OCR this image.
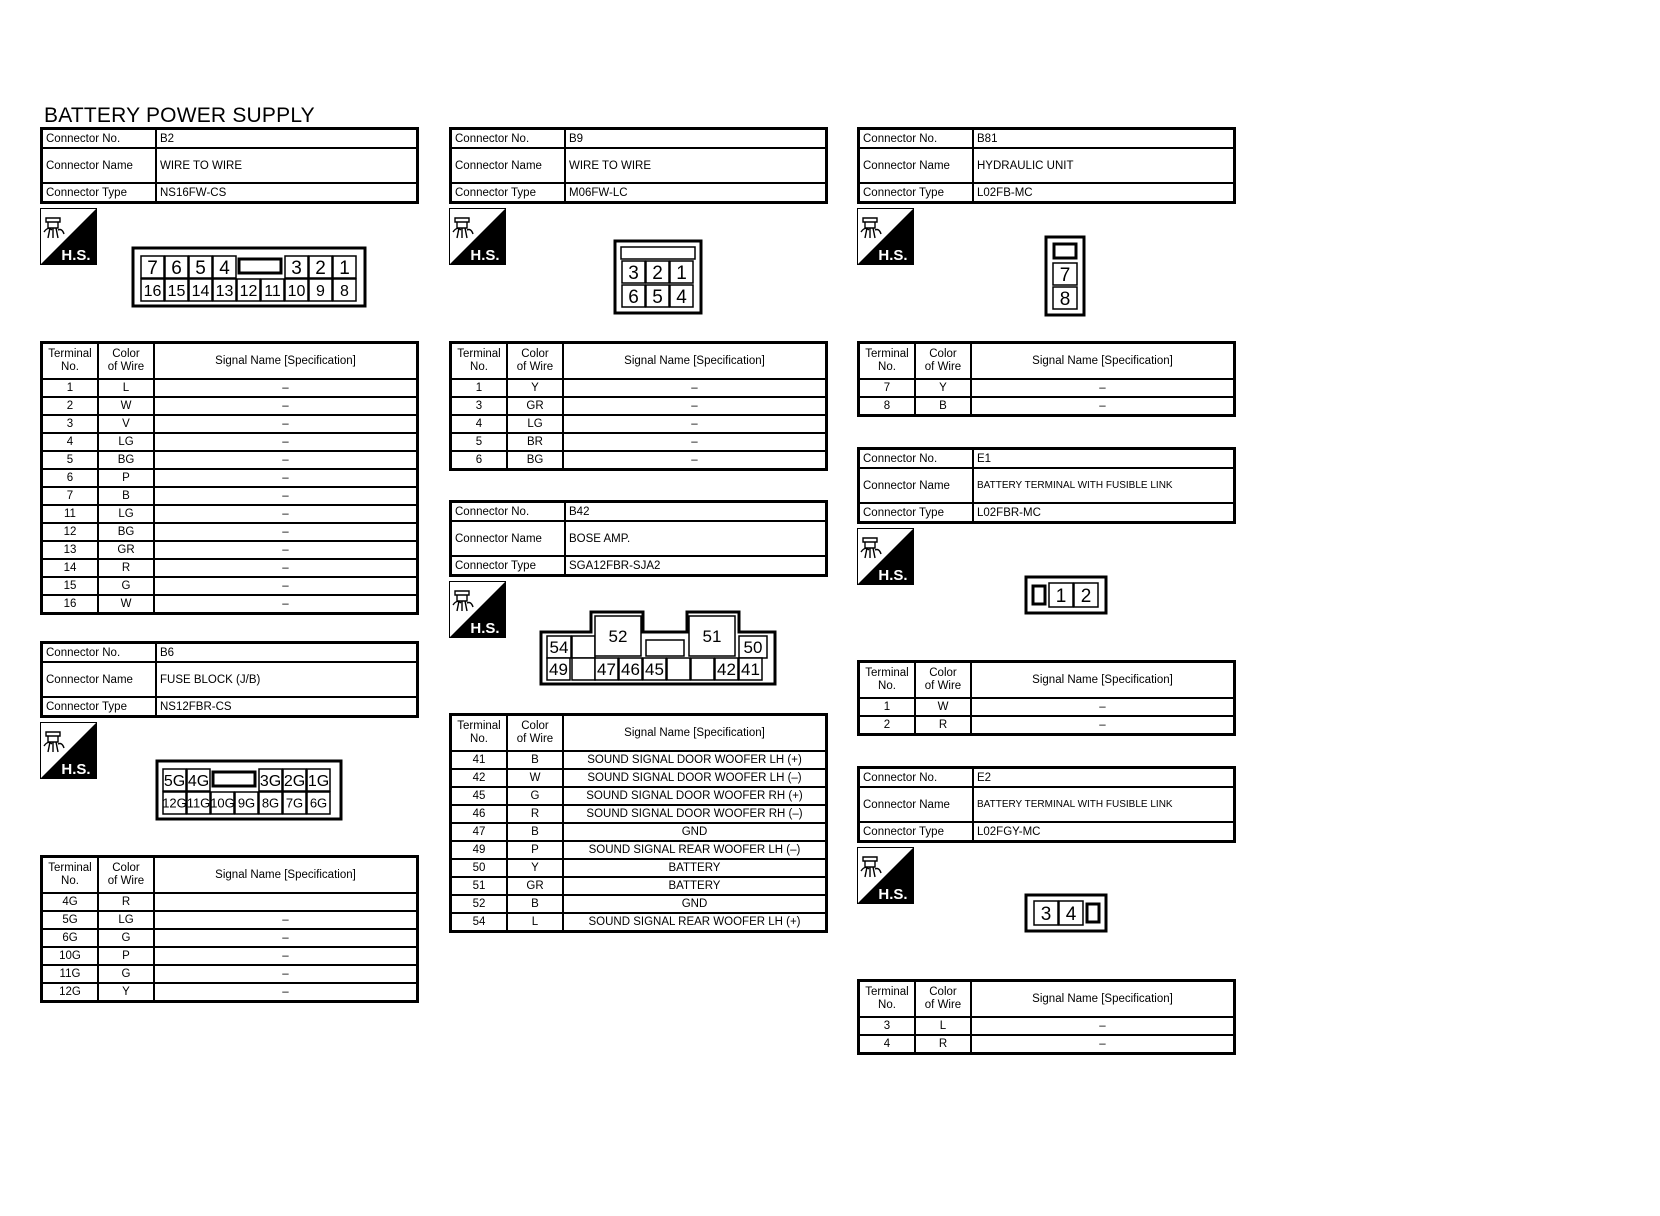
BATTERY POWER SUPPLY
Connector No.	B2
Connector Name	WIRE TO WIRE
Connector Type	NS16FW-CS
H.S.
7 6 5 4	3 2 1
16 15 14 13 12 11 10 9 8
Terminal
No.	Color
of Wire	Signal Name [Specification]
1	L	–
2	W	–
3	V	–
4	LG	–
5	BG	–
6	P	–
7	B	–
11	LG	–
12	BG	–
13	GR	–
14	R	–
15	G	–
16	W	–
Connector No.	B6
Connector Name	FUSE BLOCK (J/B)
Connector Type	NS12FBR-CS
H.S.
5G 4G	3G 2G 1G
12G 11G 10G 9G 8G 7G 6G
Terminal
No.	Color
of Wire	Signal Name [Specification]
4G	R	
5G	LG	–
6G	G	–
10G	P	–
11G	G	–
12G	Y	–
Connector No.	B9
Connector Name	WIRE TO WIRE
Connector Type	M06FW-LC
H.S.
3 2 1
6 5 4
Terminal
No.	Color
of Wire	Signal Name [Specification]
1	Y	–
3	GR	–
4	LG	–
5	BR	–
6	BG	–
Connector No.	B42
Connector Name	BOSE AMP.
Connector Type	SGA12FBR-SJA2
H.S.
54
52	51
50
49 47 46 45	42 41
Terminal
No.	Color
of Wire	Signal Name [Specification]
41	B	SOUND SIGNAL DOOR WOOFER LH (+)
42	W	SOUND SIGNAL DOOR WOOFER LH (–)
45	G	SOUND SIGNAL DOOR WOOFER RH (+)
46	R	SOUND SIGNAL DOOR WOOFER RH (–)
47	B	GND
49	P	SOUND SIGNAL REAR WOOFER LH (–)
50	Y	BATTERY
51	GR	BATTERY
52	B	GND
54	L	SOUND SIGNAL REAR WOOFER LH (+)
Connector No.	B81
Connector Name	HYDRAULIC UNIT
Connector Type	L02FB-MC
H.S.
7
8
Terminal
No.	Color
of Wire	Signal Name [Specification]
7	Y	–
8	B	–
Connector No.	E1
Connector Name	BATTERY TERMINAL WITH FUSIBLE LINK
Connector Type	L02FBR-MC
H.S.
1 2
Terminal
No.	Color
of Wire	Signal Name [Specification]
1	W	–
2	R	–
Connector No.	E2
Connector Name	BATTERY TERMINAL WITH FUSIBLE LINK
Connector Type	L02FGY-MC
H.S.
3 4
Terminal
No.	Color
of Wire	Signal Name [Specification]
3	L	–
4	R	–
